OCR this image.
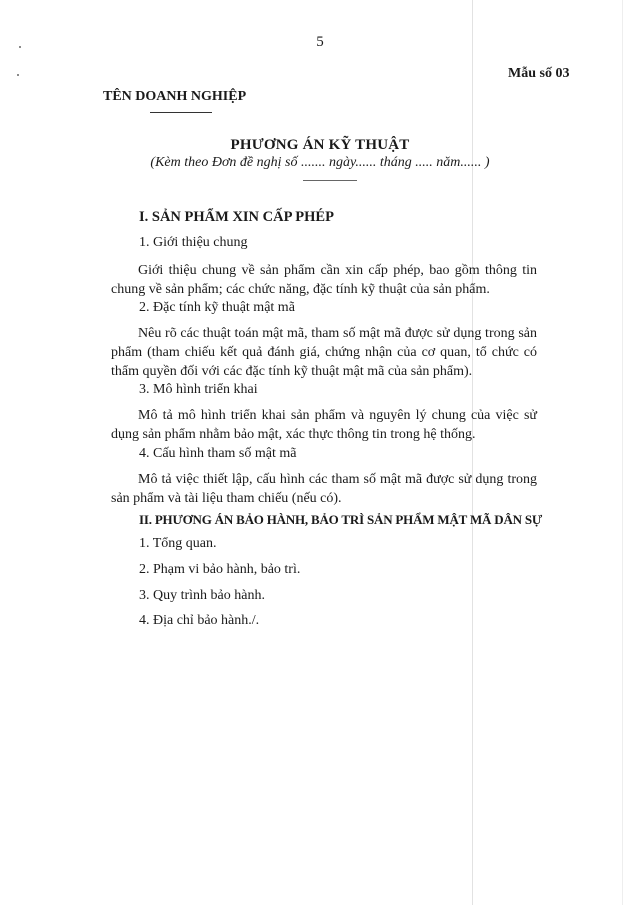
5
Mẫu số 03
TÊN DOANH NGHIỆP
PHƯƠNG ÁN KỸ THUẬT
(Kèm theo Đơn đề nghị số ....... ngày...... tháng ..... năm...... )
I. SẢN PHẨM XIN CẤP PHÉP
1. Giới thiệu chung
Giới thiệu chung về sản phẩm cần xin cấp phép, bao gồm thông tin chung về sản phẩm; các chức năng, đặc tính kỹ thuật của sản phẩm.
2. Đặc tính kỹ thuật mật mã
Nêu rõ các thuật toán mật mã, tham số mật mã được sử dụng trong sản phẩm (tham chiếu kết quả đánh giá, chứng nhận của cơ quan, tổ chức có thẩm quyền đối với các đặc tính kỹ thuật mật mã của sản phẩm).
3. Mô hình triển khai
Mô tả mô hình triển khai sản phẩm và nguyên lý chung của việc sử dụng sản phẩm nhằm bảo mật, xác thực thông tin trong hệ thống.
4. Cấu hình tham số mật mã
Mô tả việc thiết lập, cấu hình các tham số mật mã được sử dụng trong sản phẩm và tài liệu tham chiếu (nếu có).
II. PHƯƠNG ÁN BẢO HÀNH, BẢO TRÌ SẢN PHẨM MẬT MÃ DÂN SỰ
1. Tổng quan.
2. Phạm vi bảo hành, bảo trì.
3. Quy trình bảo hành.
4. Địa chỉ bảo hành./.
